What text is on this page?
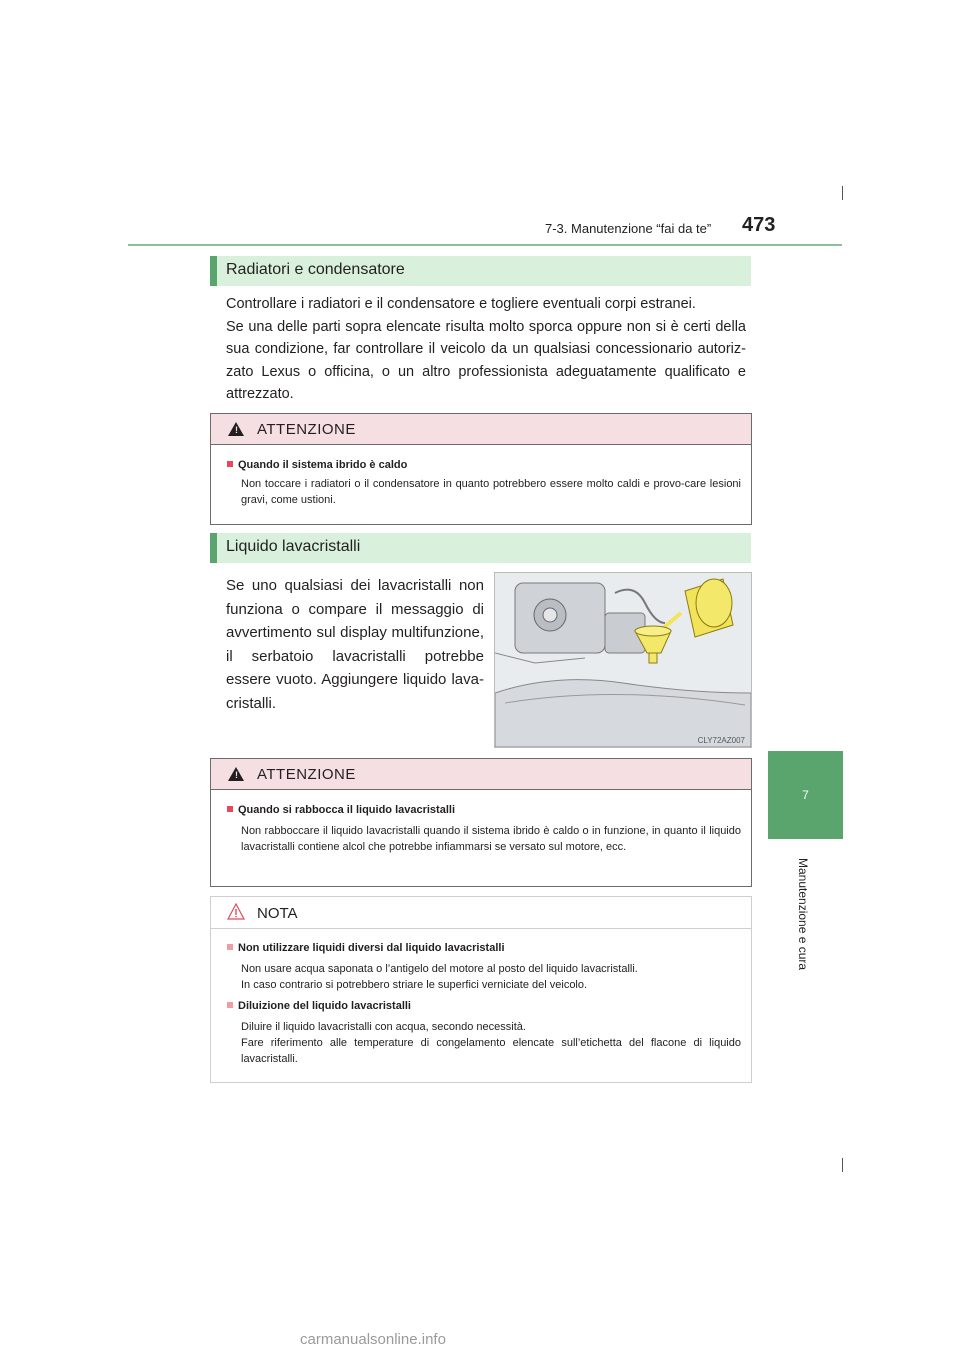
7-3. Manutenzione “fai da te” 473
7
Manutenzione e cura
Radiatori e condensatore
Controllare i radiatori e il condensatore e togliere eventuali corpi estranei.
Se una delle parti sopra elencate risulta molto sporca oppure non si è certi della sua condizione, far controllare il veicolo da un qualsiasi concessionario autoriz-zato Lexus o officina, o un altro professionista adeguatamente qualificato e attrezzato.
! ATTENZIONE
Quando il sistema ibrido è caldo
Non toccare i radiatori o il condensatore in quanto potrebbero essere molto caldi e provo-care lesioni gravi, come ustioni.
Liquido lavacristalli
Se uno qualsiasi dei lavacristalli non funziona o compare il messaggio di avvertimento sul display multifunzione, il serbatoio lavacristalli potrebbe essere vuoto. Aggiungere liquido lava-cristalli.
CLY72AZ007
! ATTENZIONE
Quando si rabbocca il liquido lavacristalli
Non rabboccare il liquido lavacristalli quando il sistema ibrido è caldo o in funzione, in quanto il liquido lavacristalli contiene alcol che potrebbe infiammarsi se versato sul motore, ecc.
NOTA
Non utilizzare liquidi diversi dal liquido lavacristalli
Non usare acqua saponata o l’antigelo del motore al posto del liquido lavacristalli.
In caso contrario si potrebbero striare le superfici verniciate del veicolo.
Diluizione del liquido lavacristalli
Diluire il liquido lavacristalli con acqua, secondo necessità.
Fare riferimento alle temperature di congelamento elencate sull’etichetta del flacone di liquido lavacristalli.
carmanualsonline.info
